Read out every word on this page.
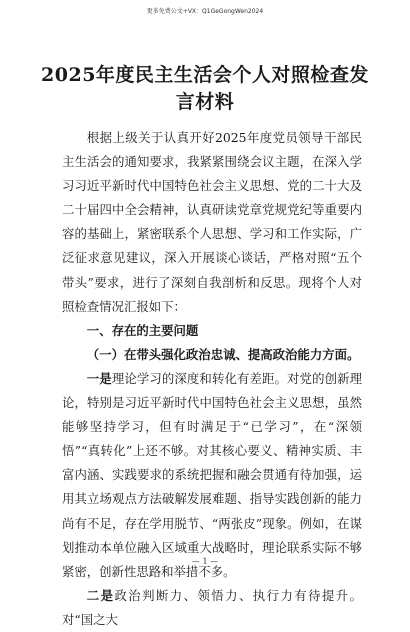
更多免费公文+VX：Q1GeGongWen2024
2025年度民主生活会个人对照检查发言材料

根据上级关于认真开好2025年度党员领导干部民主生活会的通知要求，我紧紧围绕会议主题，在深入学习习近平新时代中国特色社会主义思想、党的二十大及二十届四中全会精神，认真研读党章党规党纪等重要内容的基础上，紧密联系个人思想、学习和工作实际，广泛征求意见建议，深入开展谈心谈话，严格对照“五个带头”要求，进行了深刻自我剖析和反思。现将个人对照检查情况汇报如下：

一、存在的主要问题

（一）在带头强化政治忠诚、提高政治能力方面。

一是理论学习的深度和转化有差距。对党的创新理论，特别是习近平新时代中国特色社会主义思想，虽然能够坚持学习，但有时满足于“已学习”，在“深领悟”“真转化”上还不够。对其核心要义、精神实质、丰富内涵、实践要求的系统把握和融会贯通有待加强，运用其立场观点方法破解发展难题、指导实践创新的能力尚有不足，存在学用脱节、“两张皮”现象。例如，在谋划推动本单位融入区域重大战略时，理论联系实际不够紧密，创新性思路和举措不多。

二是政治判断力、领悟力、执行力有待提升。对“国之大

— 1 —
